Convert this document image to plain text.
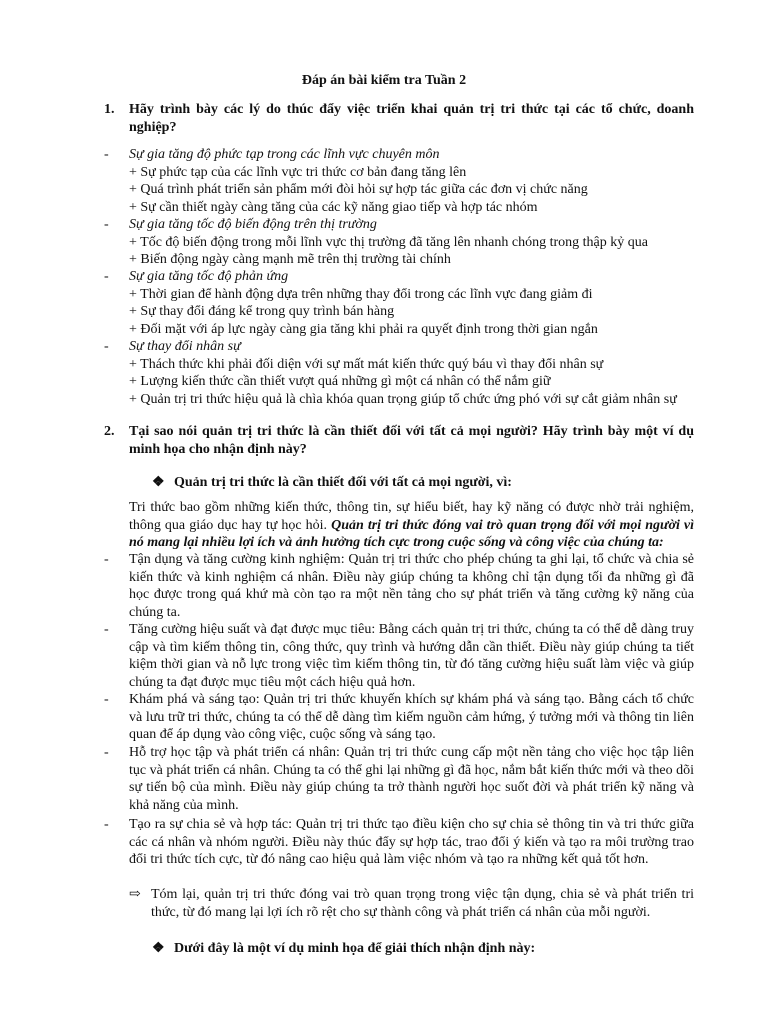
Đáp án bài kiểm tra Tuần 2
1. Hãy trình bày các lý do thúc đẩy việc triển khai quản trị tri thức tại các tổ chức, doanh nghiệp?
- Sự gia tăng độ phức tạp trong các lĩnh vực chuyên môn
+ Sự phức tạp của các lĩnh vực tri thức cơ bản đang tăng lên
+ Quá trình phát triển sản phẩm mới đòi hỏi sự hợp tác giữa các đơn vị chức năng
+ Sự cần thiết ngày càng tăng của các kỹ năng giao tiếp và hợp tác nhóm
- Sự gia tăng tốc độ biến động trên thị trường
+ Tốc độ biến động trong mỗi lĩnh vực thị trường đã tăng lên nhanh chóng trong thập kỷ qua
+ Biến động ngày càng mạnh mẽ trên thị trường tài chính
- Sự gia tăng tốc độ phản ứng
+ Thời gian để hành động dựa trên những thay đổi trong các lĩnh vực đang giảm đi
+ Sự thay đổi đáng kể trong quy trình bán hàng
+ Đối mặt với áp lực ngày càng gia tăng khi phải ra quyết định trong thời gian ngắn
- Sự thay đổi nhân sự
+ Thách thức khi phải đối diện với sự mất mát kiến thức quý báu vì thay đổi nhân sự
+ Lượng kiến thức cần thiết vượt quá những gì một cá nhân có thể nắm giữ
+ Quản trị tri thức hiệu quả là chìa khóa quan trọng giúp tổ chức ứng phó với sự cắt giảm nhân sự
2. Tại sao nói quản trị tri thức là cần thiết đối với tất cả mọi người? Hãy trình bày một ví dụ minh họa cho nhận định này?
❖ Quản trị tri thức là cần thiết đối với tất cả mọi người, vì:
Tri thức bao gồm những kiến thức, thông tin, sự hiểu biết, hay kỹ năng có được nhờ trải nghiệm, thông qua giáo dục hay tự học hỏi. Quản trị tri thức đóng vai trò quan trọng đối với mọi người vì nó mang lại nhiều lợi ích và ảnh hưởng tích cực trong cuộc sống và công việc của chúng ta:
- Tận dụng và tăng cường kinh nghiệm: Quản trị tri thức cho phép chúng ta ghi lại, tổ chức và chia sẻ kiến thức và kinh nghiệm cá nhân. Điều này giúp chúng ta không chỉ tận dụng tối đa những gì đã học được trong quá khứ mà còn tạo ra một nền tảng cho sự phát triển và tăng cường kỹ năng của chúng ta.
- Tăng cường hiệu suất và đạt được mục tiêu: Bằng cách quản trị tri thức, chúng ta có thể dễ dàng truy cập và tìm kiếm thông tin, công thức, quy trình và hướng dẫn cần thiết. Điều này giúp chúng ta tiết kiệm thời gian và nỗ lực trong việc tìm kiếm thông tin, từ đó tăng cường hiệu suất làm việc và giúp chúng ta đạt được mục tiêu một cách hiệu quả hơn.
- Khám phá và sáng tạo: Quản trị tri thức khuyến khích sự khám phá và sáng tạo. Bằng cách tổ chức và lưu trữ tri thức, chúng ta có thể dễ dàng tìm kiếm nguồn cảm hứng, ý tưởng mới và thông tin liên quan để áp dụng vào công việc, cuộc sống và sáng tạo.
- Hỗ trợ học tập và phát triển cá nhân: Quản trị tri thức cung cấp một nền tảng cho việc học tập liên tục và phát triển cá nhân. Chúng ta có thể ghi lại những gì đã học, nắm bắt kiến thức mới và theo dõi sự tiến bộ của mình. Điều này giúp chúng ta trở thành người học suốt đời và phát triển kỹ năng và khả năng của mình.
- Tạo ra sự chia sẻ và hợp tác: Quản trị tri thức tạo điều kiện cho sự chia sẻ thông tin và tri thức giữa các cá nhân và nhóm người. Điều này thúc đẩy sự hợp tác, trao đổi ý kiến và tạo ra môi trường trao đổi tri thức tích cực, từ đó nâng cao hiệu quả làm việc nhóm và tạo ra những kết quả tốt hơn.
⇨ Tóm lại, quản trị tri thức đóng vai trò quan trọng trong việc tận dụng, chia sẻ và phát triển tri thức, từ đó mang lại lợi ích rõ rệt cho sự thành công và phát triển cá nhân của mỗi người.
❖ Dưới đây là một ví dụ minh họa để giải thích nhận định này:
